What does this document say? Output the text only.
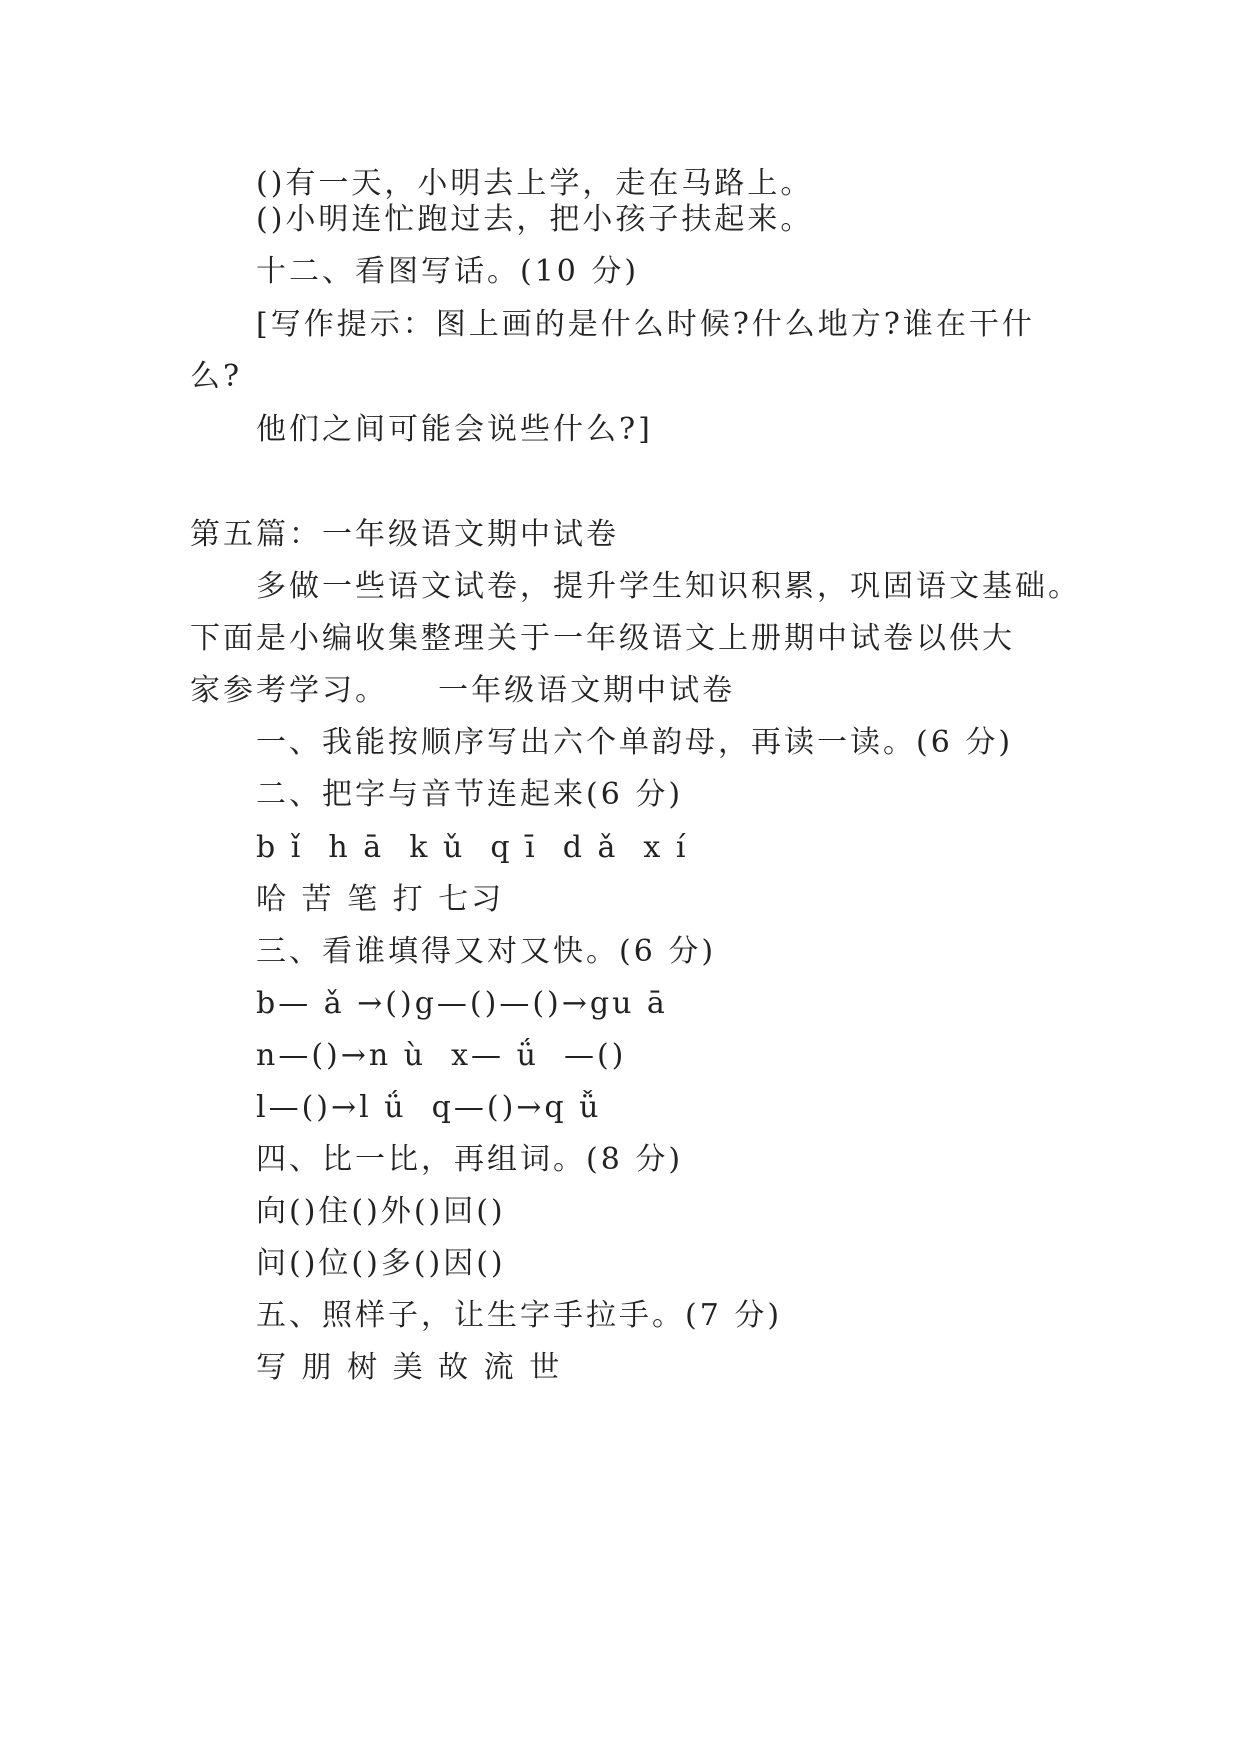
()有一天，小明去上学，走在马路上。
()小明连忙跑过去，把小孩子扶起来。
十二、看图写话。(10 分)
[写作提示：图上画的是什么时候?什么地方?谁在干什
么?
他们之间可能会说些什么?]
第五篇：一年级语文期中试卷
多做一些语文试卷，提升学生知识积累，巩固语文基础。
下面是小编收集整理关于一年级语文上册期中试卷以供大
家参考学习。    一年级语文期中试卷
一、我能按顺序写出六个单韵母，再读一读。(6 分)
二、把字与音节连起来(6 分)
b ǐ  h ā  k ǔ  q ī  d ǎ  x í
哈 苦 笔 打 七习
三、看谁填得又对又快。(6 分)
b— ǎ →()g—()—()→gu ā
n—()→n ù  x— ǘ  —()
l—()→l ǘ  q—()→q ǚ
四、比一比，再组词。(8 分)
向()住()外()回()
问()位()多()因()
五、照样子，让生字手拉手。(7 分)
写 朋 树 美 故 流 世
